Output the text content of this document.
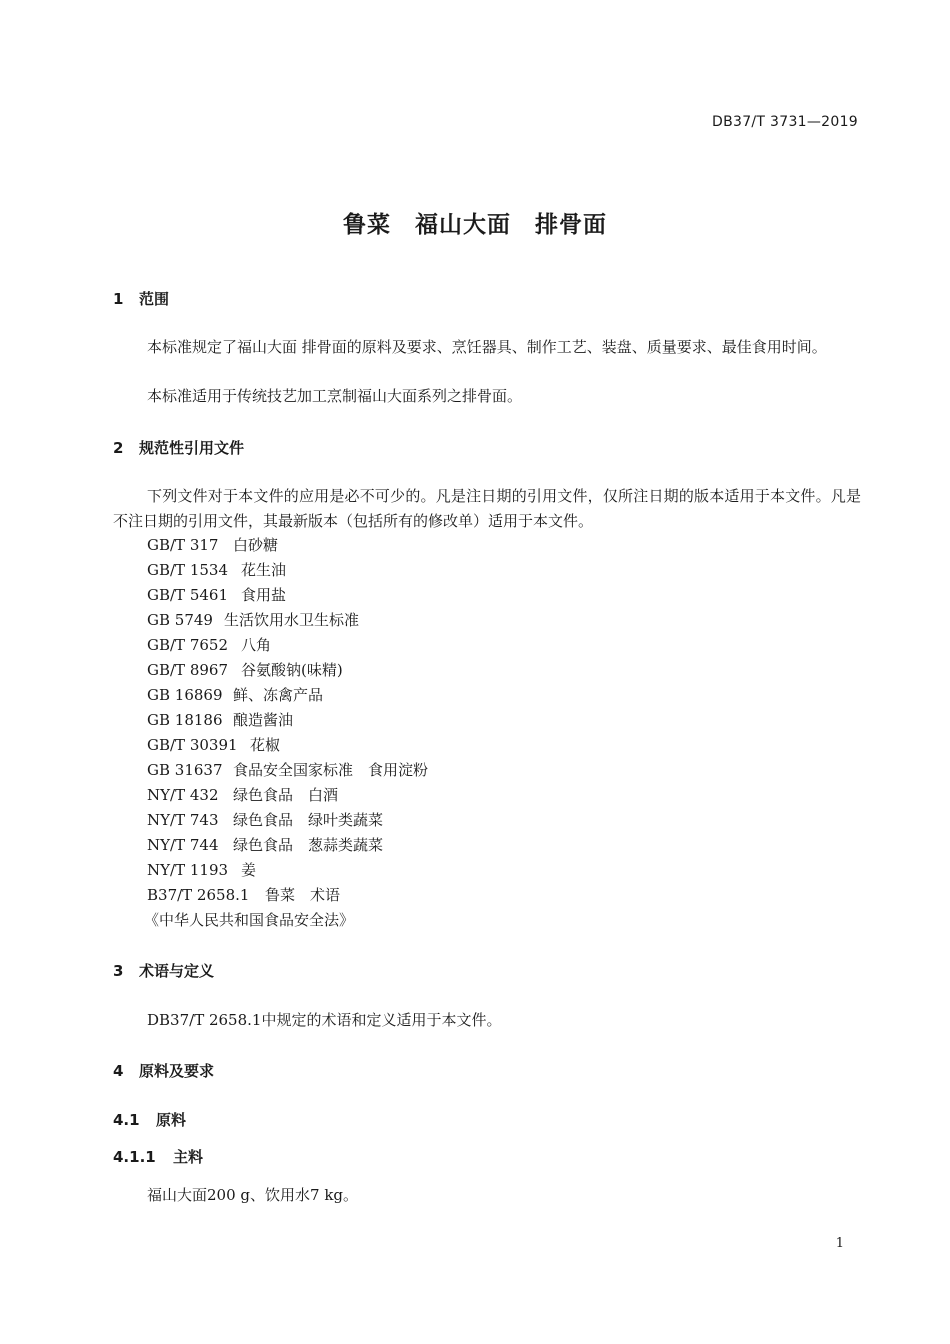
DB37/T 3731—2019
鲁菜　福山大面　排骨面
1 范围
本标准规定了福山大面 排骨面的原料及要求、烹饪器具、制作工艺、装盘、质量要求、最佳食用时间。
本标准适用于传统技艺加工烹制福山大面系列之排骨面。
2 规范性引用文件
下列文件对于本文件的应用是必不可少的。凡是注日期的引用文件，仅所注日期的版本适用于本文件。凡是不注日期的引用文件，其最新版本（包括所有的修改单）适用于本文件。
GB/T 317 白砂糖
GB/T 1534 花生油
GB/T 5461 食用盐
GB 5749 生活饮用水卫生标准
GB/T 7652 八角
GB/T 8967 谷氨酸钠(味精)
GB 16869 鲜、冻禽产品
GB 18186 酿造酱油
GB/T 30391 花椒
GB 31637 食品安全国家标准　食用淀粉
NY/T 432 绿色食品　白酒
NY/T 743 绿色食品　绿叶类蔬菜
NY/T 744 绿色食品　葱蒜类蔬菜
NY/T 1193 姜
B37/T 2658.1 鲁菜　术语
《中华人民共和国食品安全法》
3 术语与定义
DB37/T 2658.1中规定的术语和定义适用于本文件。
4 原料及要求
4.1 原料
4.1.1 主料
福山大面200 g、饮用水7 kg。
1
